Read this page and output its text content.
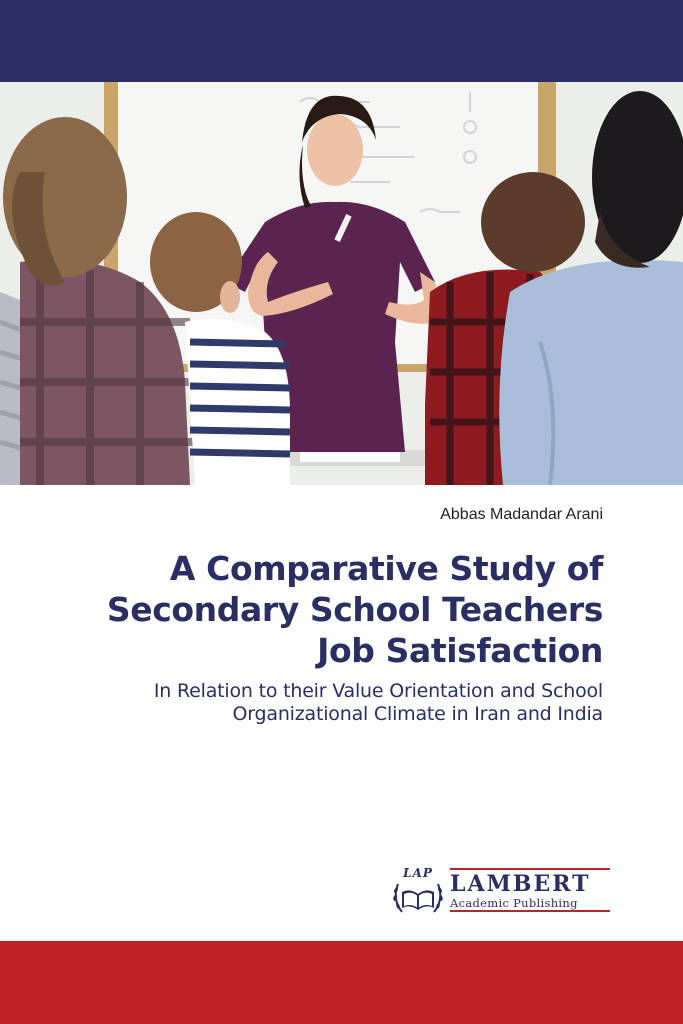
Abbas Madandar Arani
A Comparative Study of
Secondary School Teachers
Job Satisfaction

In Relation to their Value Orientation and School
Organizational Climate in Iran and India

LAP LAMBERT
Academic Publishing
